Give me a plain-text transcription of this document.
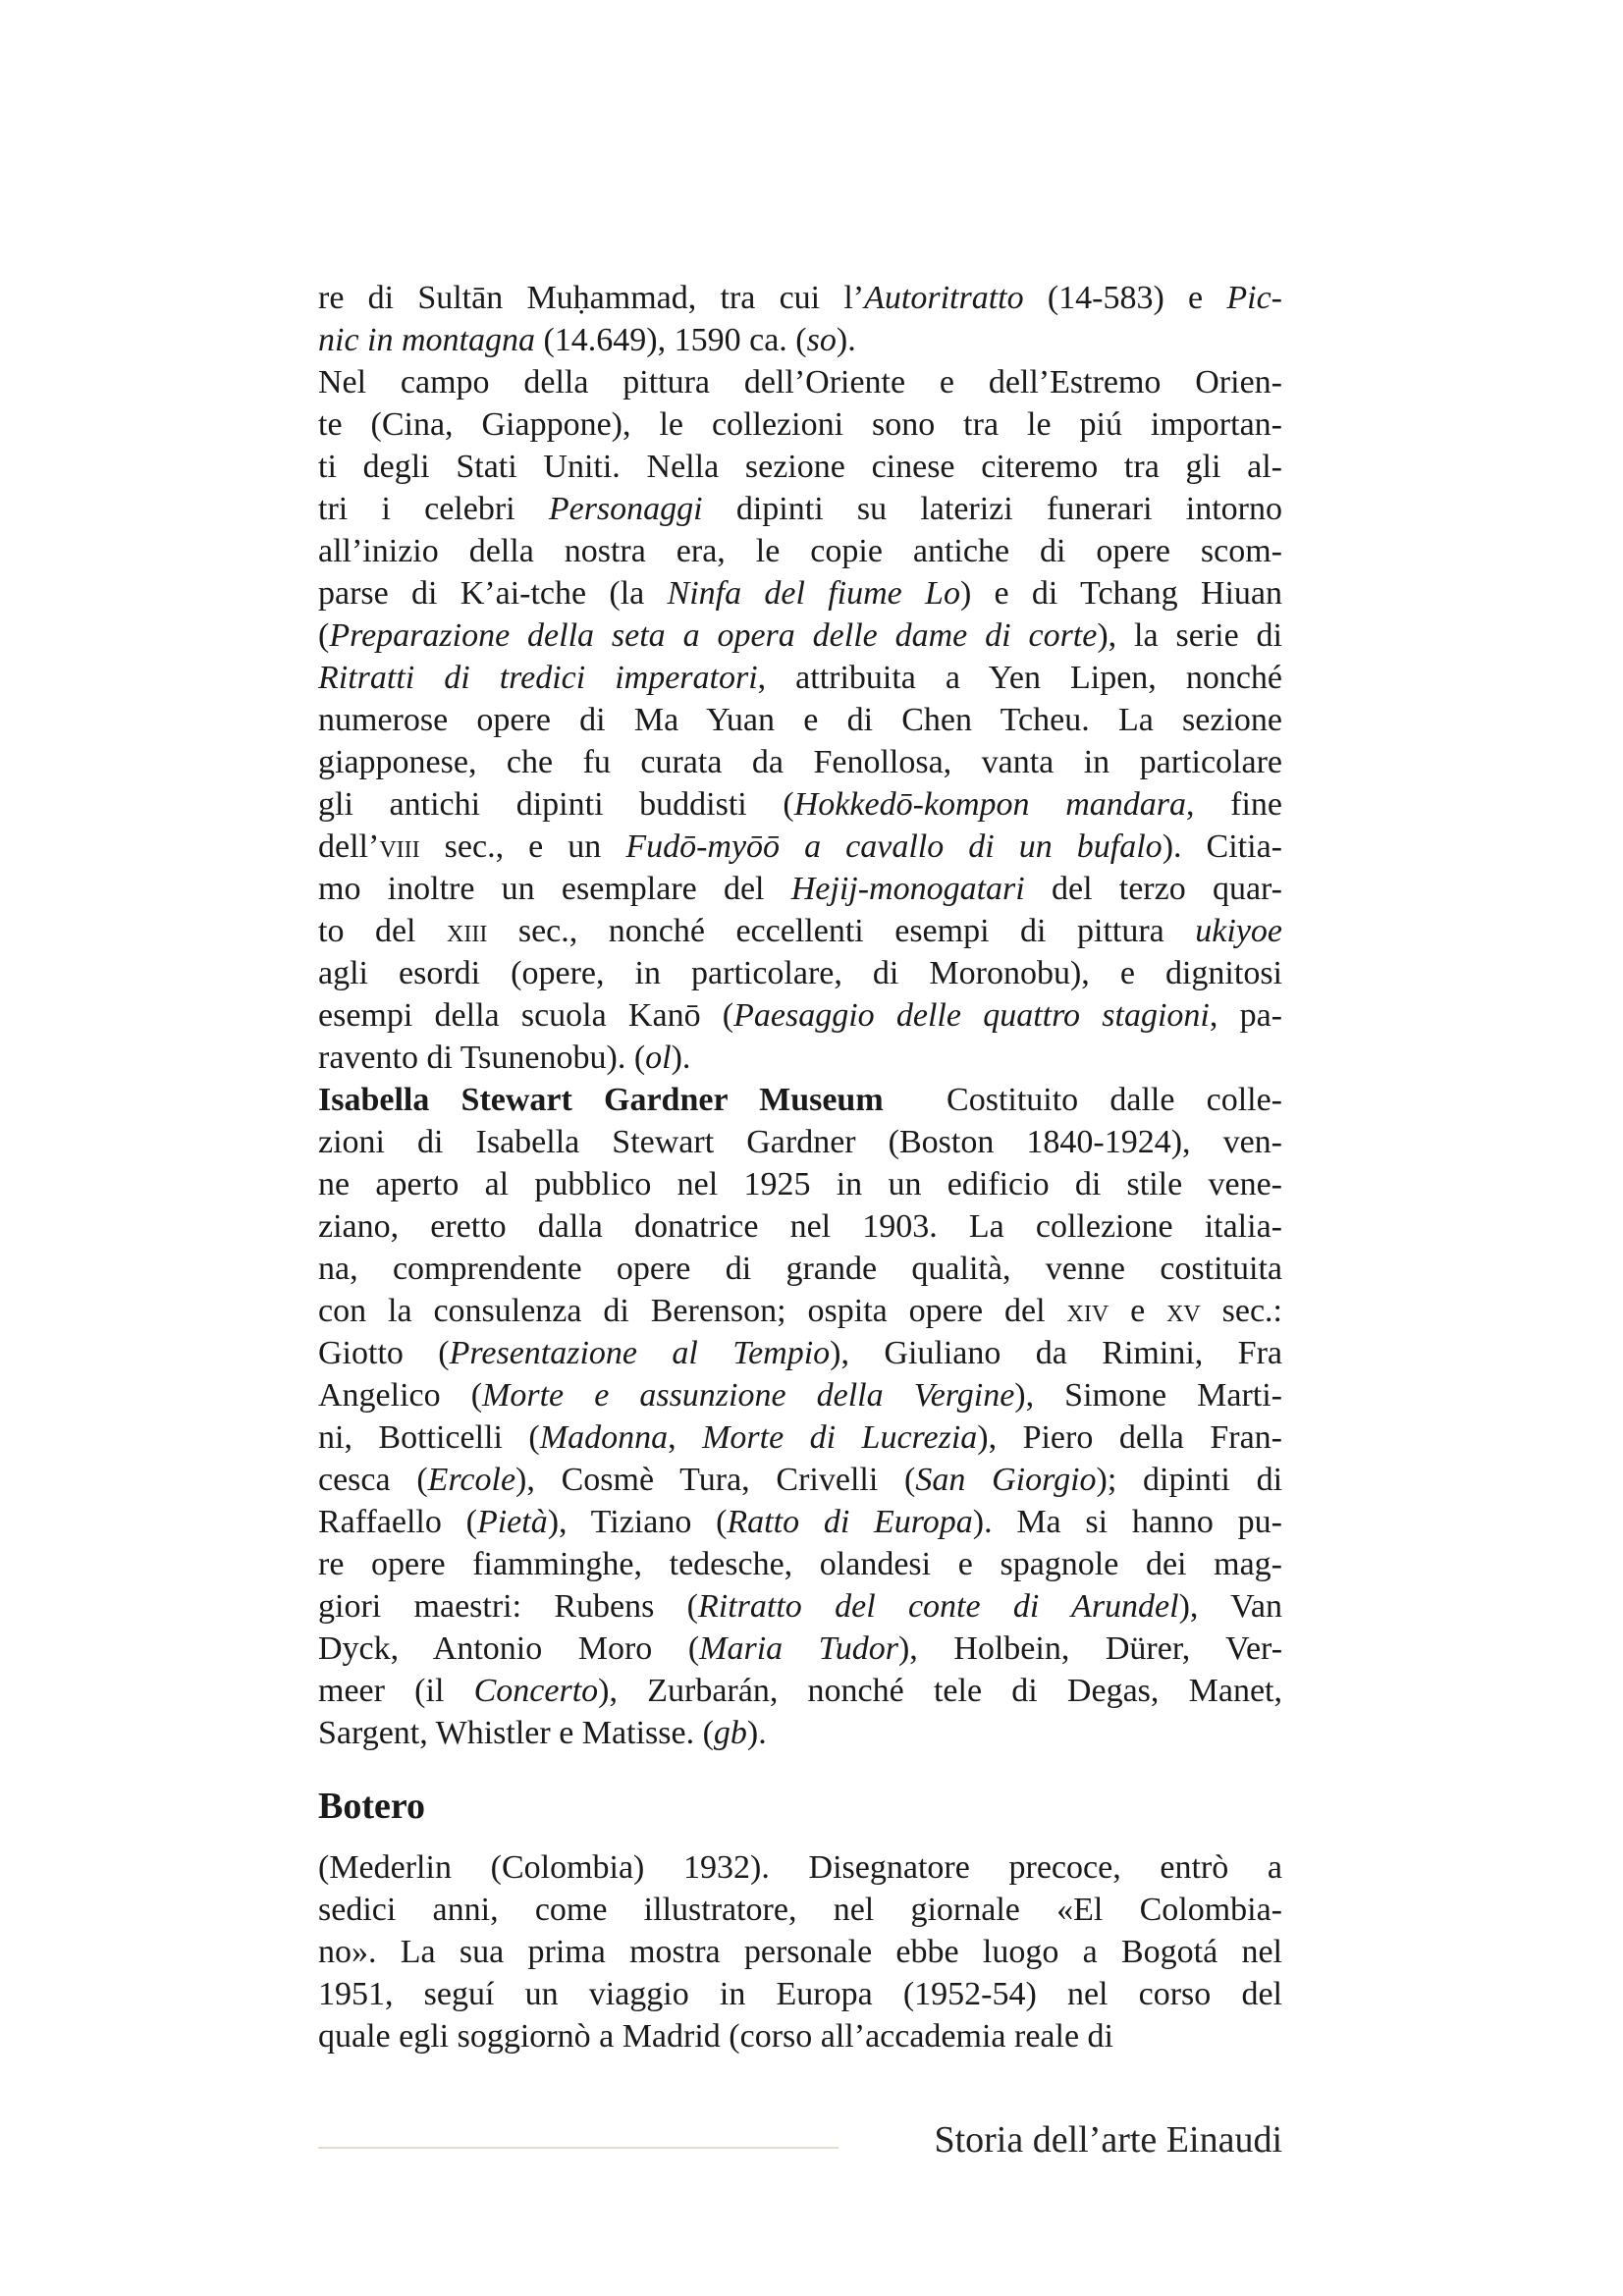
re di Sultān Muḥammad, tra cui l’Autoritratto (14-583) e Pic-
nic in montagna (14.649), 1590 ca. (so).
Nel campo della pittura dell’Oriente e dell’Estremo Orien-
te (Cina, Giappone), le collezioni sono tra le piú importan-
ti degli Stati Uniti. Nella sezione cinese citeremo tra gli al-
tri i celebri Personaggi dipinti su laterizi funerari intorno
all’inizio della nostra era, le copie antiche di opere scom-
parse di K’ai-tche (la Ninfa del fiume Lo) e di Tchang Hiuan
(Preparazione della seta a opera delle dame di corte), la serie di
Ritratti di tredici imperatori, attribuita a Yen Lipen, nonché
numerose opere di Ma Yuan e di Chen Tcheu. La sezione
giapponese, che fu curata da Fenollosa, vanta in particolare
gli antichi dipinti buddisti (Hokkedō-kompon mandara, fine
dell’viii sec., e un Fudō-myōō a cavallo di un bufalo). Citia-
mo inoltre un esemplare del Hejij-monogatari del terzo quar-
to del xiii sec., nonché eccellenti esempi di pittura ukiyoe
agli esordi (opere, in particolare, di Moronobu), e dignitosi
esempi della scuola Kanō (Paesaggio delle quattro stagioni, pa-
ravento di Tsunenobu). (ol).
Isabella Stewart Gardner Museum  Costituito dalle colle-
zioni di Isabella Stewart Gardner (Boston 1840-1924), ven-
ne aperto al pubblico nel 1925 in un edificio di stile vene-
ziano, eretto dalla donatrice nel 1903. La collezione italia-
na, comprendente opere di grande qualità, venne costituita
con la consulenza di Berenson; ospita opere del xiv e xv sec.:
Giotto (Presentazione al Tempio), Giuliano da Rimini, Fra
Angelico (Morte e assunzione della Vergine), Simone Marti-
ni, Botticelli (Madonna, Morte di Lucrezia), Piero della Fran-
cesca (Ercole), Cosmè Tura, Crivelli (San Giorgio); dipinti di
Raffaello (Pietà), Tiziano (Ratto di Europa). Ma si hanno pu-
re opere fiamminghe, tedesche, olandesi e spagnole dei mag-
giori maestri: Rubens (Ritratto del conte di Arundel), Van
Dyck, Antonio Moro (Maria Tudor), Holbein, Dürer, Ver-
meer (il Concerto), Zurbarán, nonché tele di Degas, Manet,
Sargent, Whistler e Matisse. (gb).
Botero
(Mederlin (Colombia) 1932). Disegnatore precoce, entrò a
sedici anni, come illustratore, nel giornale «El Colombia-
no». La sua prima mostra personale ebbe luogo a Bogotá nel
1951, seguí un viaggio in Europa (1952-54) nel corso del
quale egli soggiornò a Madrid (corso all’accademia reale di
Storia dell’arte Einaudi
